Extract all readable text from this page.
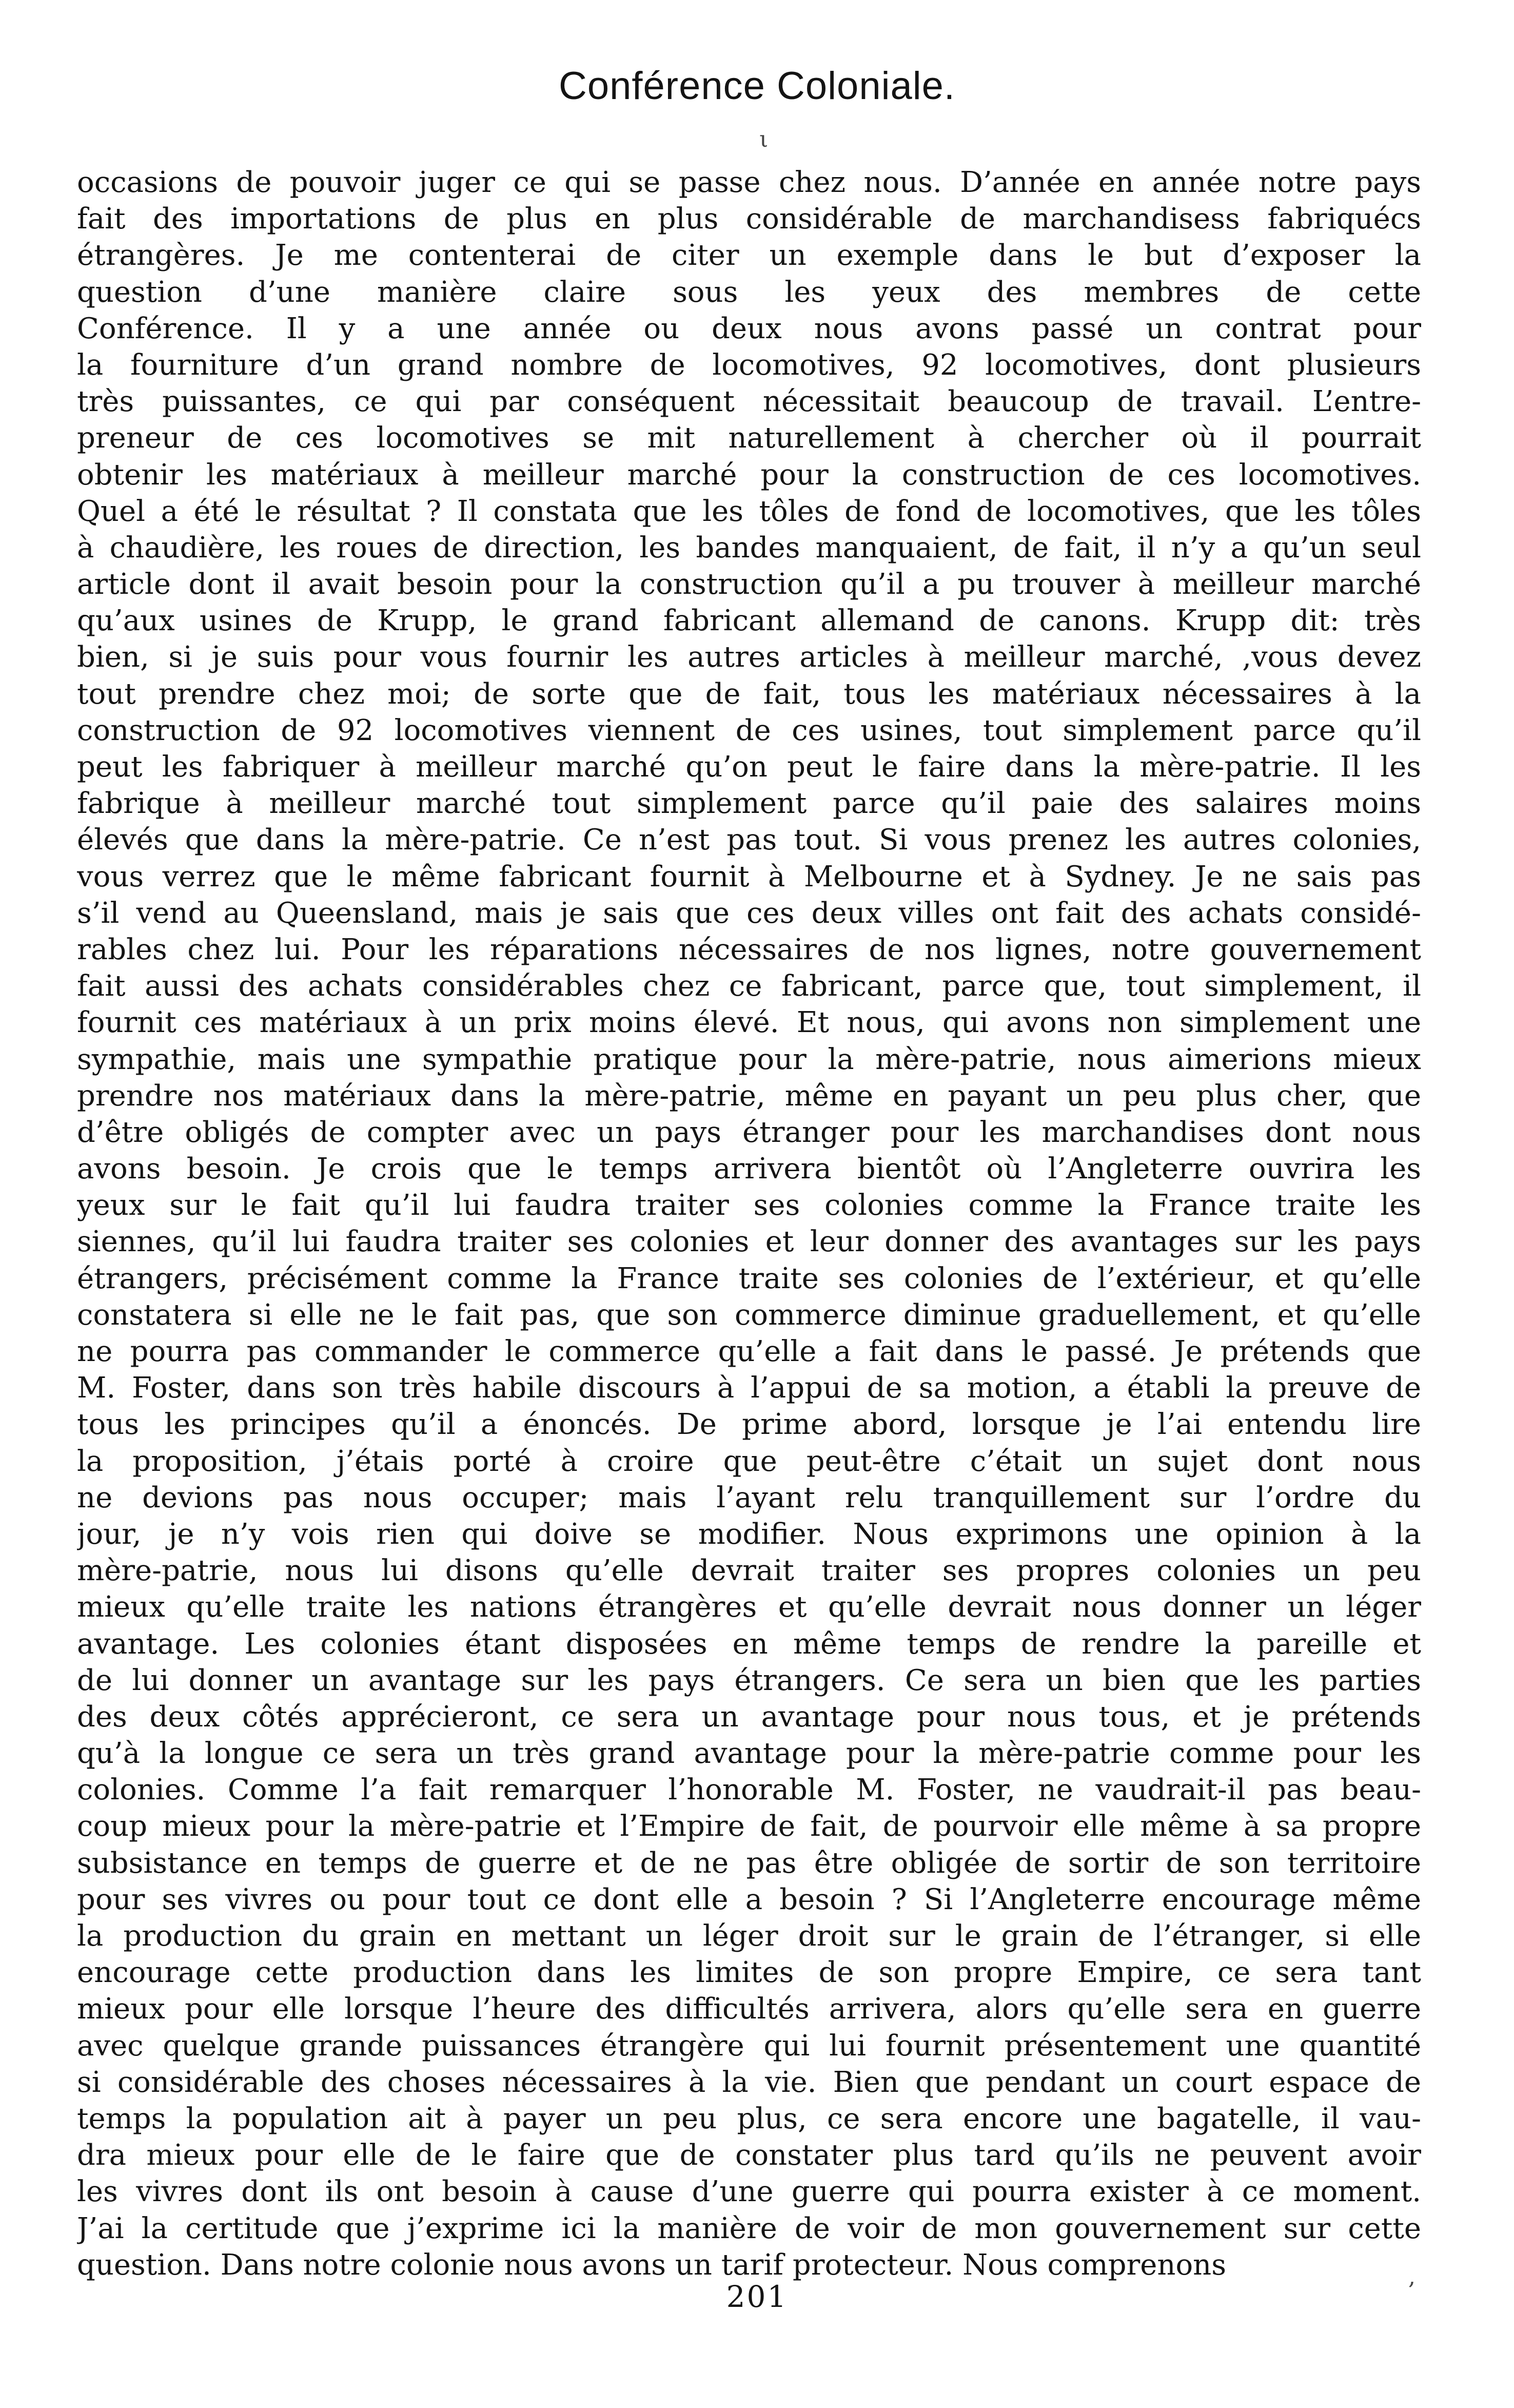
Conférence Coloniale.
ι
occasions de pouvoir juger ce qui se passe chez nous. D’année en année notre pays
fait des importations de plus en plus considérable de marchandisess fabriquécs
étrangères. Je me contenterai de citer un exemple dans le but d’exposer la
question d’une manière claire sous les yeux des membres de cette
Conférence. Il y a une année ou deux nous avons passé un contrat pour
la fourniture d’un grand nombre de locomotives, 92 locomotives, dont plusieurs
très puissantes, ce qui par conséquent nécessitait beaucoup de travail. L’entre-
preneur de ces locomotives se mit naturellement à chercher où il pourrait
obtenir les matériaux à meilleur marché pour la construction de ces locomotives.
Quel a été le résultat ? Il constata que les tôles de fond de locomotives, que les tôles
à chaudière, les roues de direction, les bandes manquaient, de fait, il n’y a qu’un seul
article dont il avait besoin pour la construction qu’il a pu trouver à meilleur marché
qu’aux usines de Krupp, le grand fabricant allemand de canons. Krupp dit: très
bien, si je suis pour vous fournir les autres articles à meilleur marché, ,vous devez
tout prendre chez moi; de sorte que de fait, tous les matériaux nécessaires à la
construction de 92 locomotives viennent de ces usines, tout simplement parce qu’il
peut les fabriquer à meilleur marché qu’on peut le faire dans la mère-patrie. Il les
fabrique à meilleur marché tout simplement parce qu’il paie des salaires moins
élevés que dans la mère-patrie. Ce n’est pas tout. Si vous prenez les autres colonies,
vous verrez que le même fabricant fournit à Melbourne et à Sydney. Je ne sais pas
s’il vend au Queensland, mais je sais que ces deux villes ont fait des achats considé-
rables chez lui. Pour les réparations nécessaires de nos lignes, notre gouvernement
fait aussi des achats considérables chez ce fabricant, parce que, tout simplement, il
fournit ces matériaux à un prix moins élevé. Et nous, qui avons non simplement une
sympathie, mais une sympathie pratique pour la mère-patrie, nous aimerions mieux
prendre nos matériaux dans la mère-patrie, même en payant un peu plus cher, que
d’être obligés de compter avec un pays étranger pour les marchandises dont nous
avons besoin. Je crois que le temps arrivera bientôt où l’Angleterre ouvrira les
yeux sur le fait qu’il lui faudra traiter ses colonies comme la France traite les
siennes, qu’il lui faudra traiter ses colonies et leur donner des avantages sur les pays
étrangers, précisément comme la France traite ses colonies de l’extérieur, et qu’elle
constatera si elle ne le fait pas, que son commerce diminue graduellement, et qu’elle
ne pourra pas commander le commerce qu’elle a fait dans le passé. Je prétends que
M. Foster, dans son très habile discours à l’appui de sa motion, a établi la preuve de
tous les principes qu’il a énoncés. De prime abord, lorsque je l’ai entendu lire
la proposition, j’étais porté à croire que peut-être c’était un sujet dont nous
ne devions pas nous occuper; mais l’ayant relu tranquillement sur l’ordre du
jour, je n’y vois rien qui doive se modifier. Nous exprimons une opinion à la
mère-patrie, nous lui disons qu’elle devrait traiter ses propres colonies un peu
mieux qu’elle traite les nations étrangères et qu’elle devrait nous donner un léger
avantage. Les colonies étant disposées en même temps de rendre la pareille et
de lui donner un avantage sur les pays étrangers. Ce sera un bien que les parties
des deux côtés apprécieront, ce sera un avantage pour nous tous, et je prétends
qu’à la longue ce sera un très grand avantage pour la mère-patrie comme pour les
colonies. Comme l’a fait remarquer l’honorable M. Foster, ne vaudrait-il pas beau-
coup mieux pour la mère-patrie et l’Empire de fait, de pourvoir elle même à sa propre
subsistance en temps de guerre et de ne pas être obligée de sortir de son territoire
pour ses vivres ou pour tout ce dont elle a besoin ? Si l’Angleterre encourage même
la production du grain en mettant un léger droit sur le grain de l’étranger, si elle
encourage cette production dans les limites de son propre Empire, ce sera tant
mieux pour elle lorsque l’heure des difficultés arrivera, alors qu’elle sera en guerre
avec quelque grande puissances étrangère qui lui fournit présentement une quantité
si considérable des choses nécessaires à la vie. Bien que pendant un court espace de
temps la population ait à payer un peu plus, ce sera encore une bagatelle, il vau-
dra mieux pour elle de le faire que de constater plus tard qu’ils ne peuvent avoir
les vivres dont ils ont besoin à cause d’une guerre qui pourra exister à ce moment.
J’ai la certitude que j’exprime ici la manière de voir de mon gouvernement sur cette
question. Dans notre colonie nous avons un tarif protecteur. Nous comprenons	,

201
